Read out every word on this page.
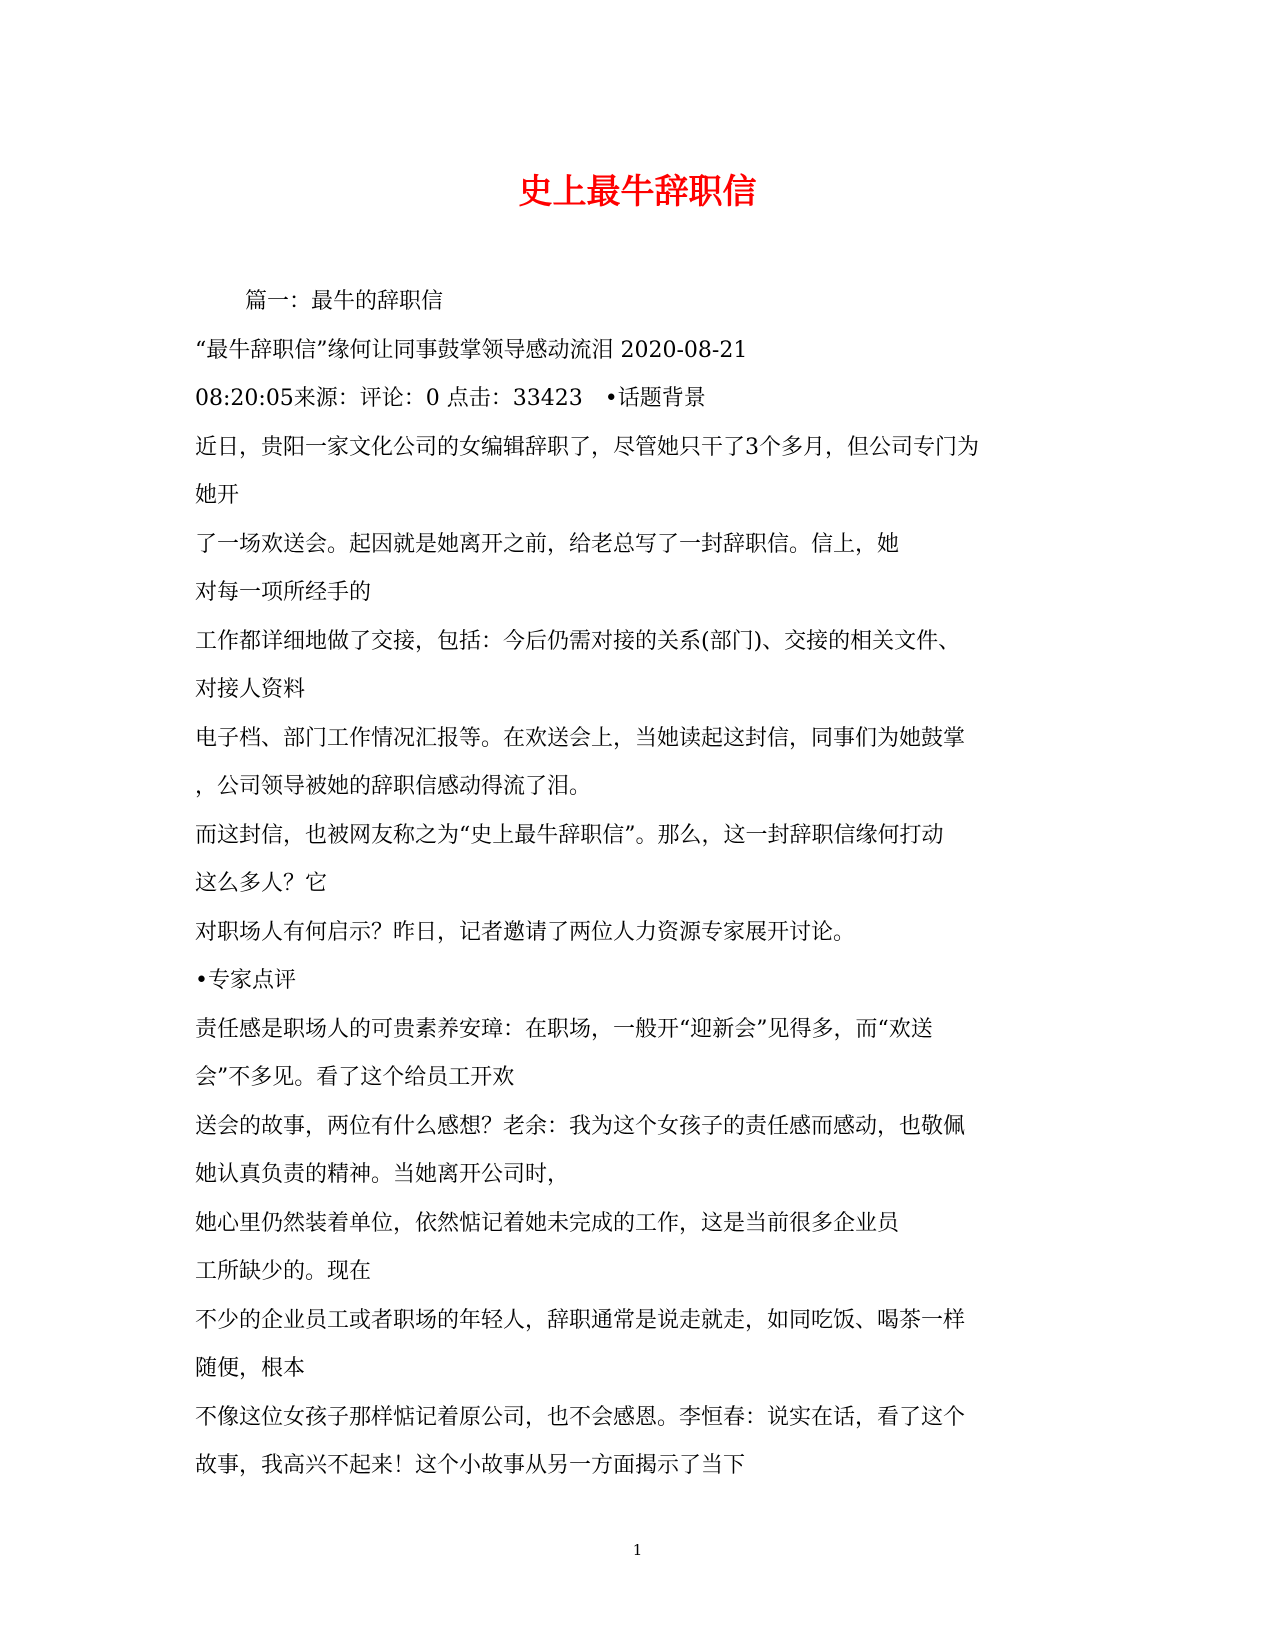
史上最牛辞职信

篇一：最牛的辞职信

“最牛辞职信”缘何让同事鼓掌领导感动流泪 2020-08-21

08:20:05来源：评论：0 点击：33423　•话题背景

近日，贵阳一家文化公司的女编辑辞职了，尽管她只干了3个多月，但公司专门为

她开

了一场欢送会。起因就是她离开之前，给老总写了一封辞职信。信上，她

对每一项所经手的

工作都详细地做了交接，包括：今后仍需对接的关系(部门)、交接的相关文件、

对接人资料

电子档、部门工作情况汇报等。在欢送会上，当她读起这封信，同事们为她鼓掌

，公司领导被她的辞职信感动得流了泪。

而这封信，也被网友称之为“史上最牛辞职信”。那么，这一封辞职信缘何打动

这么多人？它

对职场人有何启示？昨日，记者邀请了两位人力资源专家展开讨论。

•专家点评

责任感是职场人的可贵素养安璋：在职场，一般开“迎新会”见得多，而“欢送

会”不多见。看了这个给员工开欢

送会的故事，两位有什么感想？老余：我为这个女孩子的责任感而感动，也敬佩

她认真负责的精神。当她离开公司时，

她心里仍然装着单位，依然惦记着她未完成的工作，这是当前很多企业员

工所缺少的。现在

不少的企业员工或者职场的年轻人，辞职通常是说走就走，如同吃饭、喝茶一样

随便，根本

不像这位女孩子那样惦记着原公司，也不会感恩。李恒春：说实在话，看了这个

故事，我高兴不起来！这个小故事从另一方面揭示了当下

1
